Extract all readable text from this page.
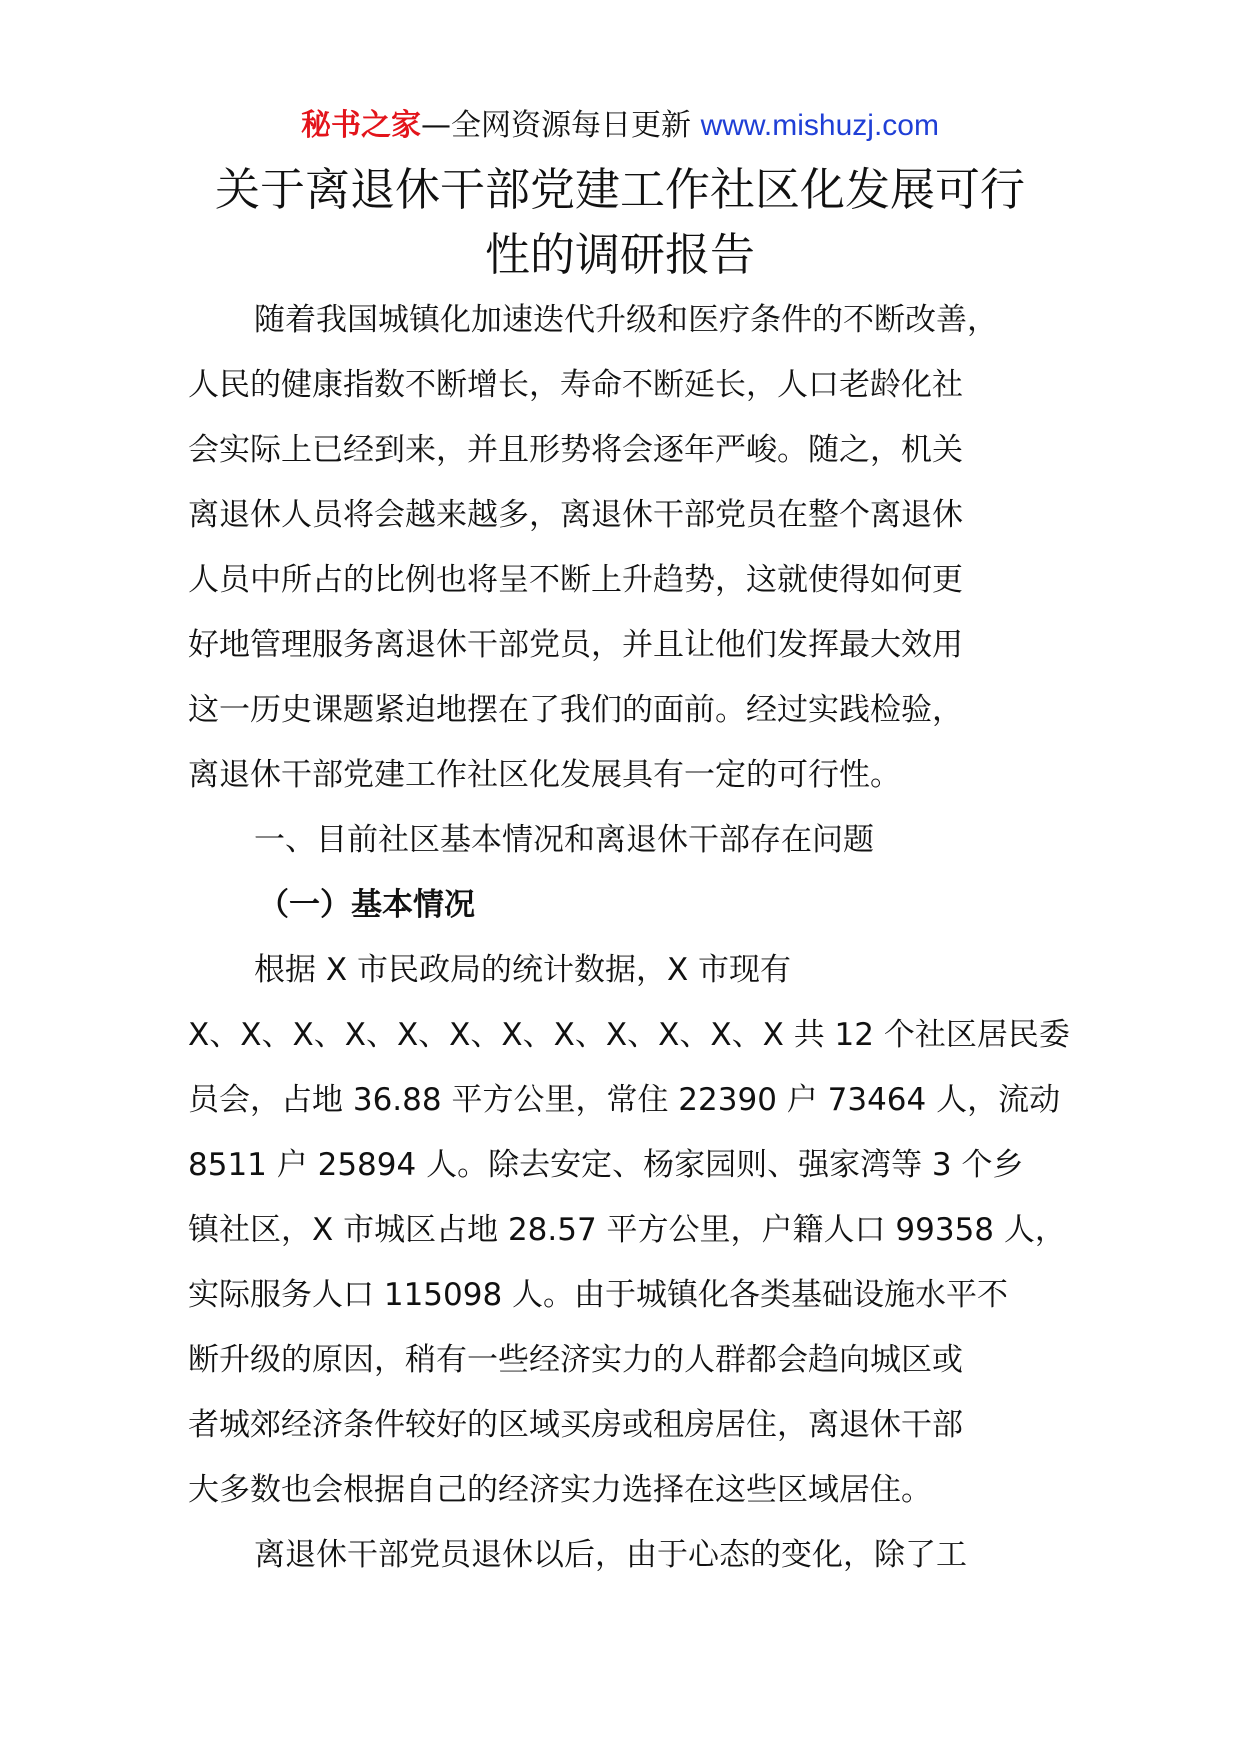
秘书之家—全网资源每日更新 www.mishuzj.com
关于离退休干部党建工作社区化发展可行
性的调研报告
随着我国城镇化加速迭代升级和医疗条件的不断改善，
人民的健康指数不断增长，寿命不断延长，人口老龄化社
会实际上已经到来，并且形势将会逐年严峻。随之，机关
离退休人员将会越来越多，离退休干部党员在整个离退休
人员中所占的比例也将呈不断上升趋势，这就使得如何更
好地管理服务离退休干部党员，并且让他们发挥最大效用
这一历史课题紧迫地摆在了我们的面前。经过实践检验，
离退休干部党建工作社区化发展具有一定的可行性。
一、目前社区基本情况和离退休干部存在问题
（一）基本情况
根据 X 市民政局的统计数据，X 市现有
X、X、X、X、X、X、X、X、X、X、X、X 共 12 个社区居民委
员会，占地 36.88 平方公里，常住 22390 户 73464 人，流动
8511 户 25894 人。除去安定、杨家园则、强家湾等 3 个乡
镇社区，X 市城区占地 28.57 平方公里，户籍人口 99358 人，
实际服务人口 115098 人。由于城镇化各类基础设施水平不
断升级的原因，稍有一些经济实力的人群都会趋向城区或
者城郊经济条件较好的区域买房或租房居住，离退休干部
大多数也会根据自己的经济实力选择在这些区域居住。
离退休干部党员退休以后，由于心态的变化，除了工
